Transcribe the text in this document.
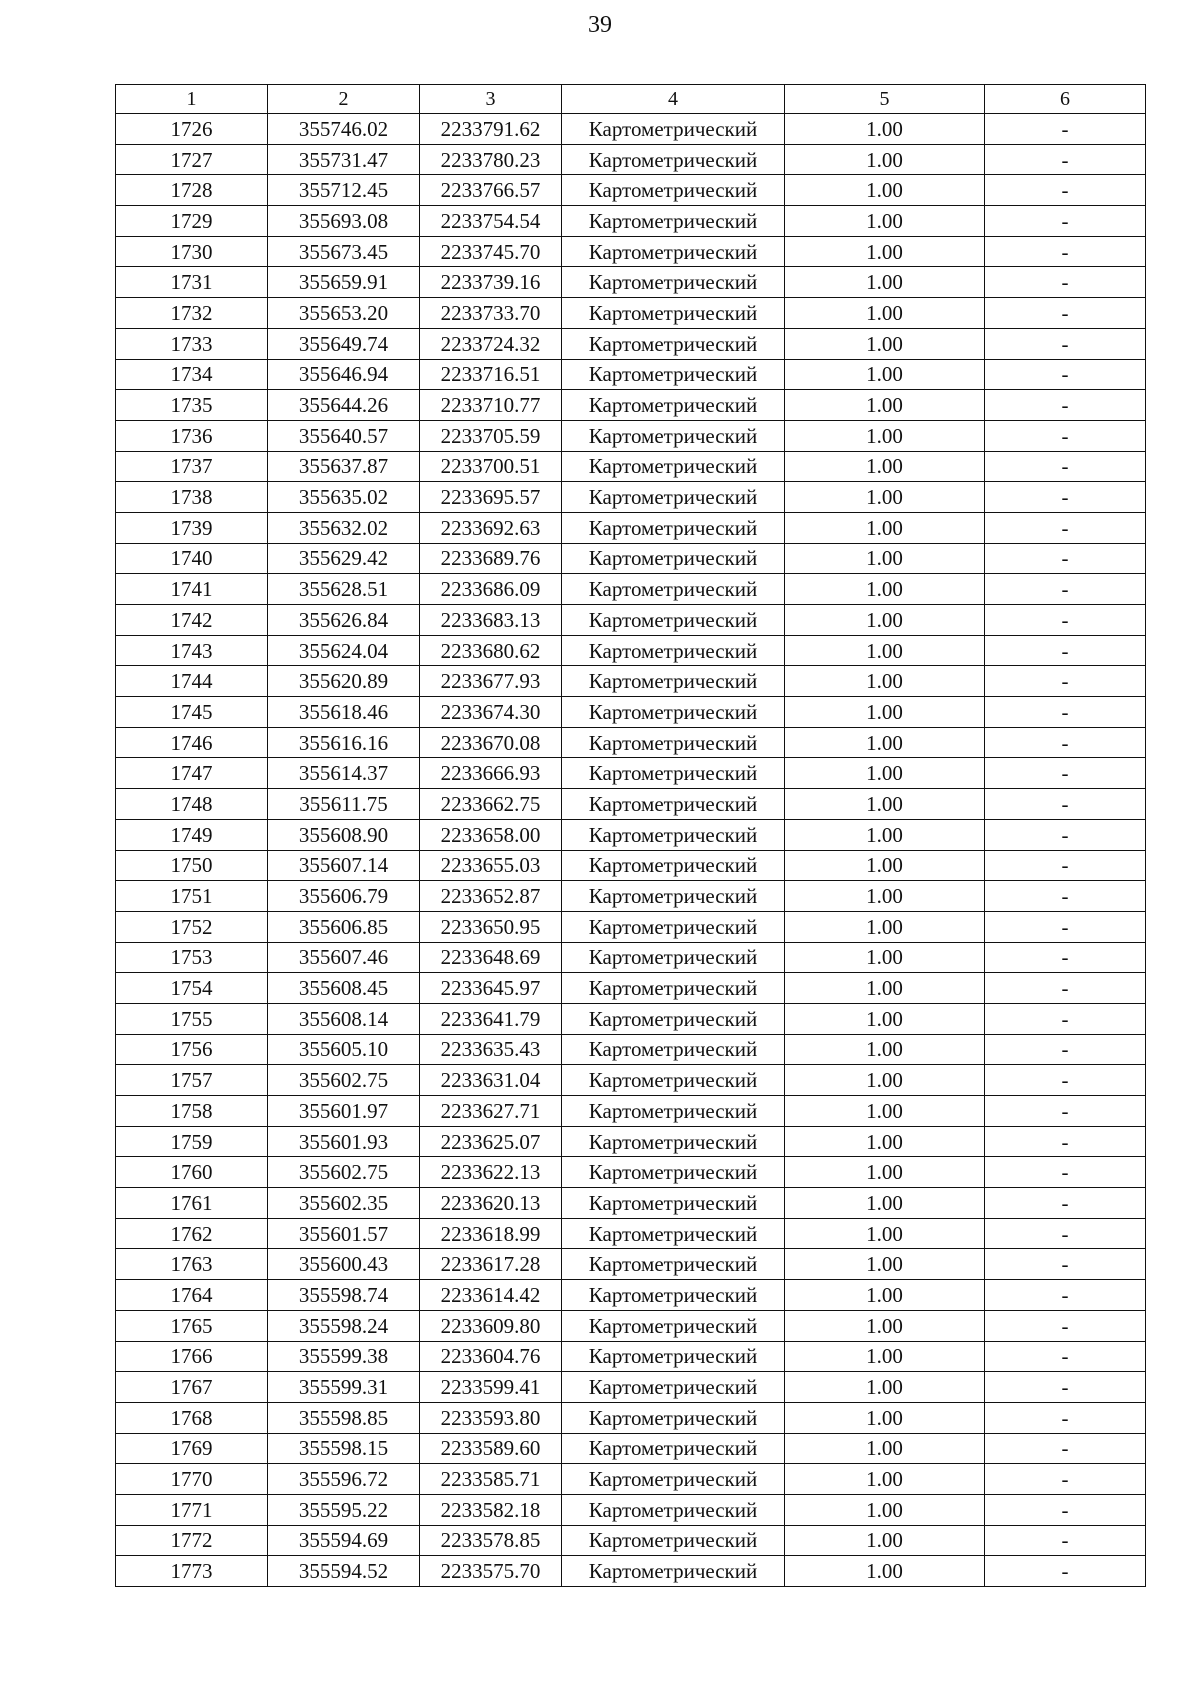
39
1	2	3	4	5	6
1726	355746.02	2233791.62	Картометрический	1.00	-
1727	355731.47	2233780.23	Картометрический	1.00	-
1728	355712.45	2233766.57	Картометрический	1.00	-
1729	355693.08	2233754.54	Картометрический	1.00	-
1730	355673.45	2233745.70	Картометрический	1.00	-
1731	355659.91	2233739.16	Картометрический	1.00	-
1732	355653.20	2233733.70	Картометрический	1.00	-
1733	355649.74	2233724.32	Картометрический	1.00	-
1734	355646.94	2233716.51	Картометрический	1.00	-
1735	355644.26	2233710.77	Картометрический	1.00	-
1736	355640.57	2233705.59	Картометрический	1.00	-
1737	355637.87	2233700.51	Картометрический	1.00	-
1738	355635.02	2233695.57	Картометрический	1.00	-
1739	355632.02	2233692.63	Картометрический	1.00	-
1740	355629.42	2233689.76	Картометрический	1.00	-
1741	355628.51	2233686.09	Картометрический	1.00	-
1742	355626.84	2233683.13	Картометрический	1.00	-
1743	355624.04	2233680.62	Картометрический	1.00	-
1744	355620.89	2233677.93	Картометрический	1.00	-
1745	355618.46	2233674.30	Картометрический	1.00	-
1746	355616.16	2233670.08	Картометрический	1.00	-
1747	355614.37	2233666.93	Картометрический	1.00	-
1748	355611.75	2233662.75	Картометрический	1.00	-
1749	355608.90	2233658.00	Картометрический	1.00	-
1750	355607.14	2233655.03	Картометрический	1.00	-
1751	355606.79	2233652.87	Картометрический	1.00	-
1752	355606.85	2233650.95	Картометрический	1.00	-
1753	355607.46	2233648.69	Картометрический	1.00	-
1754	355608.45	2233645.97	Картометрический	1.00	-
1755	355608.14	2233641.79	Картометрический	1.00	-
1756	355605.10	2233635.43	Картометрический	1.00	-
1757	355602.75	2233631.04	Картометрический	1.00	-
1758	355601.97	2233627.71	Картометрический	1.00	-
1759	355601.93	2233625.07	Картометрический	1.00	-
1760	355602.75	2233622.13	Картометрический	1.00	-
1761	355602.35	2233620.13	Картометрический	1.00	-
1762	355601.57	2233618.99	Картометрический	1.00	-
1763	355600.43	2233617.28	Картометрический	1.00	-
1764	355598.74	2233614.42	Картометрический	1.00	-
1765	355598.24	2233609.80	Картометрический	1.00	-
1766	355599.38	2233604.76	Картометрический	1.00	-
1767	355599.31	2233599.41	Картометрический	1.00	-
1768	355598.85	2233593.80	Картометрический	1.00	-
1769	355598.15	2233589.60	Картометрический	1.00	-
1770	355596.72	2233585.71	Картометрический	1.00	-
1771	355595.22	2233582.18	Картометрический	1.00	-
1772	355594.69	2233578.85	Картометрический	1.00	-
1773	355594.52	2233575.70	Картометрический	1.00	-
